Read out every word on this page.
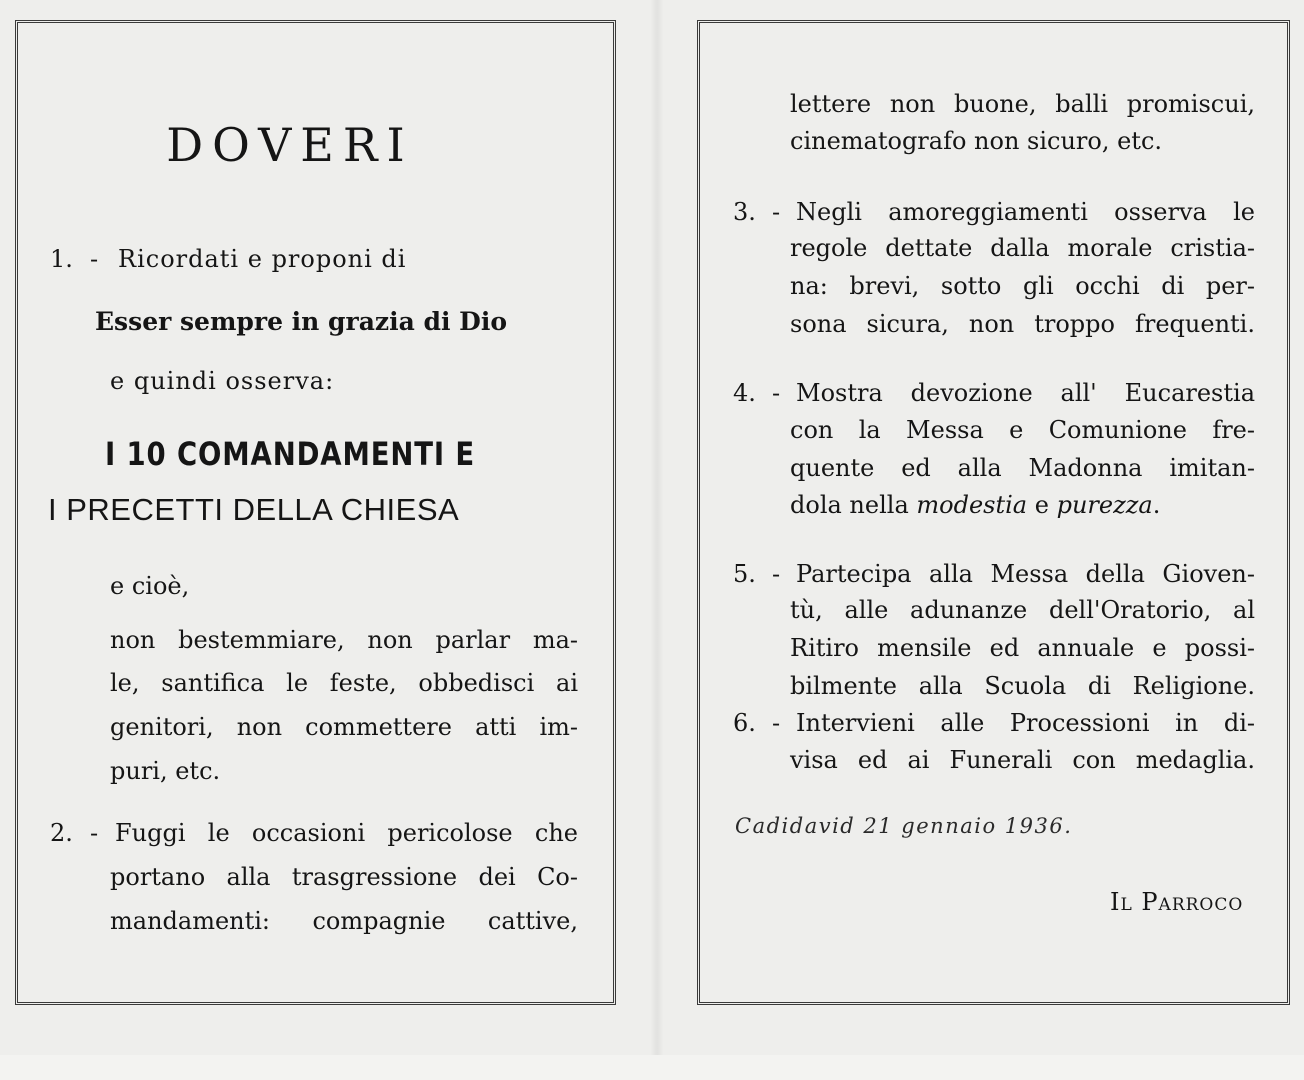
DOVERI
1. - Ricordati e proponi di
Esser sempre in grazia di Dio
e quindi osserva:
I 10 COMANDAMENTI E
I PRECETTI DELLA CHIESA
e cioè,
non bestemmiare, non parlar ma-
le, santifica le feste, obbedisci ai
genitori, non commettere atti im-
puri, etc.
2. - Fuggi le occasioni pericolose che
portano alla trasgressione dei Co-
mandamenti: compagnie cattive,
lettere non buone, balli promiscui,
cinematografo non sicuro, etc.
3. - Negli amoreggiamenti osserva le
regole dettate dalla morale cristia-
na: brevi, sotto gli occhi di per-
sona sicura, non troppo frequenti.
4. - Mostra devozione all' Eucarestia
con la Messa e Comunione fre-
quente ed alla Madonna imitan-
dola nella modestia e purezza.
5. - Partecipa alla Messa della Gioven-
tù, alle adunanze dell'Oratorio, al
Ritiro mensile ed annuale e possi-
bilmente alla Scuola di Religione.
6. - Intervieni alle Processioni in di-
visa ed ai Funerali con medaglia.
Cadidavid 21 gennaio 1936.
Il Parroco
